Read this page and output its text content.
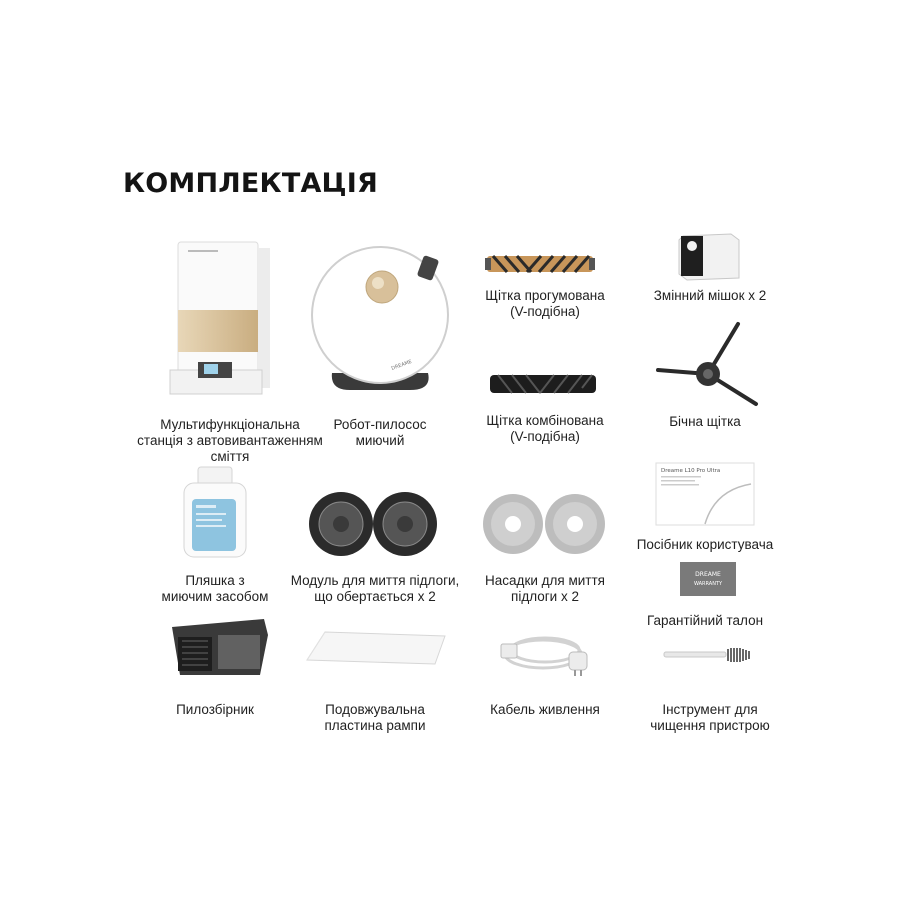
КОМПЛЕКТАЦІЯ
Мультифункціональна
станція з автовивантаженням
сміття
DREAME
Робот-пилосос
миючий
Щітка прогумована
(V-подібна)
Змінний мішок х 2
Щітка комбінована
(V-подібна)
Бічна щітка
Пляшка з
миючим засобом
Модуль для миття підлоги,
що обертається х 2
Насадки для миття
підлоги х 2
Dreame L10 Pro Ultra
Посібник користувача
DREAME
WARRANTY
Гарантійний талон
Пилозбірник	Подовжувальна
пластина рампи
Кабель живлення	Інструмент для
чищення пристрою
